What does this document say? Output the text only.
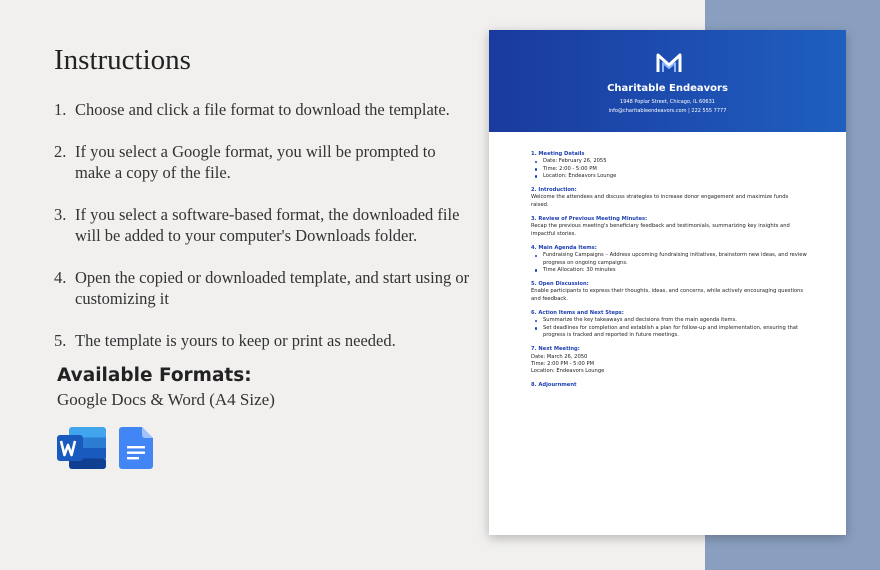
Instructions
1. Choose and click a file format to download the template.
2. If you select a Google format, you will be prompted to make a copy of the file.
3. If you select a software-based format, the downloaded file will be added to your computer's Downloads folder.
4. Open the copied or downloaded template, and start using or customizing it
5. The template is yours to keep or print as needed.
Available Formats:
Google Docs & Word (A4 Size)
Charitable Endeavors
1948 Poplar Street, Chicago, IL 60631
info@charitableendeavors.com | 222 555 7777
1. Meeting Details
Date: February 26, 2055
Time: 2:00 - 5:00 PM
Location: Endeavors Lounge
2. Introduction:
Welcome the attendees and discuss strategies to increase donor engagement and maximize funds raised.
3. Review of Previous Meeting Minutes:
Recap the previous meeting's beneficiary feedback and testimonials, summarizing key insights and impactful stories.
4. Main Agenda Items:
Fundraising Campaigns – Address upcoming fundraising initiatives, brainstorm new ideas, and review progress on ongoing campaigns.
Time Allocation: 30 minutes
5. Open Discussion:
Enable participants to express their thoughts, ideas, and concerns, while actively encouraging questions and feedback.
6. Action Items and Next Steps:
Summarize the key takeaways and decisions from the main agenda items.
Set deadlines for completion and establish a plan for follow-up and implementation, ensuring that progress is tracked and reported in future meetings.
7. Next Meeting:
Date: March 26, 2050
Time: 2:00 PM - 5:00 PM
Location: Endeavors Lounge
8. Adjournment
